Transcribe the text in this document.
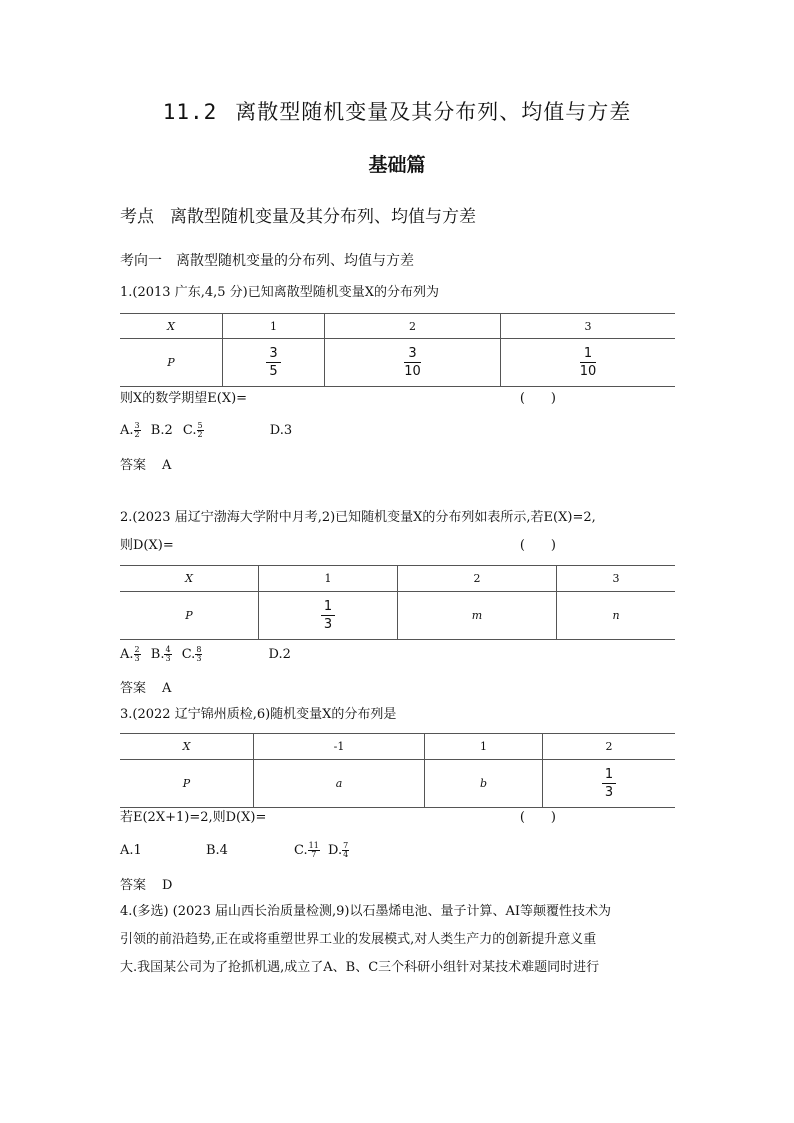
11.2 离散型随机变量及其分布列、均值与方差
基础篇
考点 离散型随机变量及其分布列、均值与方差
考向一 离散型随机变量的分布列、均值与方差
1.(2013 广东,4,5 分)已知离散型随机变量X的分布列为
X	1	2	3
P	$\frac{3}{5}$	$\frac{3}{10}$	$\frac{1}{10}$
则X的数学期望E(X)=	(　　)
A. $\frac{3}{2} B.2$ C. $\frac{5}{2}$	D.3
答案 A
2.(2023 届辽宁渤海大学附中月考,2)已知随机变量X的分布列如表所示,若E(X)=2,
则D(X)=	(　　)
X	1	2	3
P	$\frac{1}{3}$	m	n
A. $\frac{2}{3} B$. $\frac{4}{3} C$. $\frac{8}{3}$	D.2
答案 A
3.(2022 辽宁锦州质检,6)随机变量X的分布列是
X	-1	1	2
P	a	b	$\frac{1}{3}$
若E(2X+1)=2,则D(X)=	(　　)
A.1	B.4	C. $\frac{11}{7} D$. $\frac{7}{4}$
答案 D
4.(多选) (2023 届山西长治质量检测,9)以石墨烯电池、量子计算、AI等颠覆性技术为
引领的前沿趋势,正在或将重塑世界工业的发展模式,对人类生产力的创新提升意义重
大.我国某公司为了抢抓机遇,成立了A、B、C三个科研小组针对某技术难题同时进行
